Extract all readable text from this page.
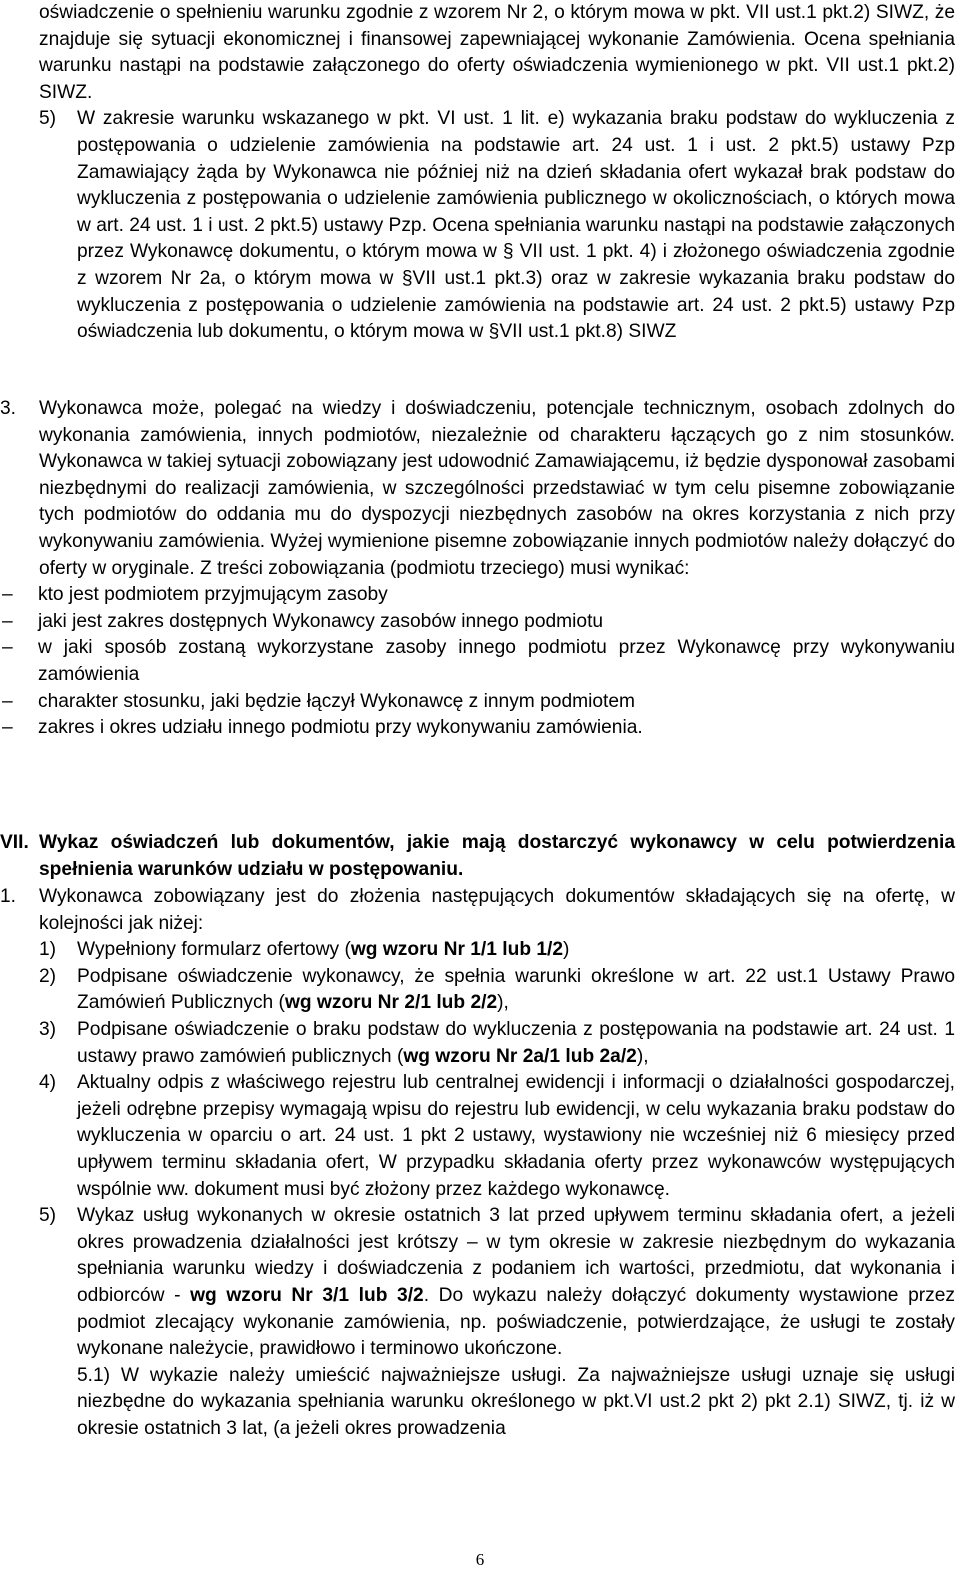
oświadczenie o spełnieniu warunku zgodnie z wzorem Nr 2, o którym mowa w pkt. VII ust.1 pkt.2) SIWZ, że znajduje się sytuacji ekonomicznej i finansowej zapewniającej wykonanie Zamówienia. Ocena spełniania warunku nastąpi na podstawie załączonego do oferty oświadczenia wymienionego w pkt. VII ust.1 pkt.2) SIWZ.

5)	W zakresie warunku wskazanego w pkt. VI ust. 1 lit. e) wykazania braku podstaw do wykluczenia z postępowania o udzielenie zamówienia na podstawie art. 24 ust. 1 i ust. 2 pkt.5) ustawy Pzp Zamawiający żąda by Wykonawca nie później niż na dzień składania ofert wykazał brak podstaw do wykluczenia z postępowania o udzielenie zamówienia publicznego w okolicznościach, o których mowa w art. 24 ust. 1 i ust. 2 pkt.5) ustawy Pzp. Ocena spełniania warunku nastąpi na podstawie załączonych przez Wykonawcę dokumentu, o którym mowa w § VII ust. 1 pkt. 4) i złożonego oświadczenia zgodnie z wzorem Nr 2a, o którym mowa w §VII ust.1 pkt.3) oraz w zakresie wykazania braku podstaw do wykluczenia z postępowania o udzielenie zamówienia na podstawie art. 24 ust. 2 pkt.5) ustawy Pzp oświadczenia lub dokumentu, o którym mowa w §VII ust.1 pkt.8) SIWZ
3.	Wykonawca może, polegać na wiedzy i doświadczeniu, potencjale technicznym, osobach zdolnych do wykonania zamówienia, innych podmiotów, niezależnie od charakteru łączących go z nim stosunków. Wykonawca w takiej sytuacji zobowiązany jest udowodnić Zamawiającemu, iż będzie dysponował zasobami niezbędnymi do realizacji zamówienia, w szczególności przedstawiać w tym celu pisemne zobowiązanie tych podmiotów do oddania mu do dyspozycji niezbędnych zasobów na okres korzystania z nich przy wykonywaniu zamówienia. Wyżej wymienione pisemne zobowiązanie innych podmiotów należy dołączyć do oferty w oryginale. Z treści zobowiązania (podmiotu trzeciego) musi wynikać:
–	kto jest podmiotem przyjmującym zasoby
–	jaki jest zakres dostępnych Wykonawcy zasobów innego podmiotu
–	w jaki sposób zostaną wykorzystane zasoby innego podmiotu przez Wykonawcę przy wykonywaniu zamówienia
–	charakter stosunku, jaki będzie łączył Wykonawcę z innym podmiotem
–	zakres i okres udziału innego podmiotu przy wykonywaniu zamówienia.
VII. Wykaz oświadczeń lub dokumentów, jakie mają dostarczyć wykonawcy w celu potwierdzenia spełnienia warunków udziału w postępowaniu.
1.	Wykonawca zobowiązany jest do złożenia następujących dokumentów składających się na ofertę, w kolejności jak niżej:
1)	Wypełniony formularz ofertowy (wg wzoru Nr 1/1 lub 1/2)
2)	Podpisane oświadczenie wykonawcy, że spełnia warunki określone w art. 22 ust.1 Ustawy Prawo Zamówień Publicznych (wg wzoru Nr 2/1 lub 2/2),
3)	Podpisane oświadczenie o braku podstaw do wykluczenia z postępowania na podstawie art. 24 ust. 1 ustawy prawo zamówień publicznych (wg wzoru Nr 2a/1 lub 2a/2),
4)	Aktualny odpis z właściwego rejestru lub centralnej ewidencji i informacji o działalności gospodarczej, jeżeli odrębne przepisy wymagają wpisu do rejestru lub ewidencji, w celu wykazania braku podstaw do wykluczenia w oparciu o art. 24 ust. 1 pkt 2 ustawy, wystawiony nie wcześniej niż 6 miesięcy przed upływem terminu składania ofert, W przypadku składania oferty przez wykonawców występujących wspólnie ww. dokument musi być złożony przez każdego wykonawcę.
5)	Wykaz usług wykonanych w okresie ostatnich 3 lat przed upływem terminu składania ofert, a jeżeli okres prowadzenia działalności jest krótszy – w tym okresie w zakresie niezbędnym do wykazania spełniania warunku wiedzy i doświadczenia z podaniem ich wartości, przedmiotu, dat wykonania i odbiorców - wg wzoru Nr 3/1 lub 3/2. Do wykazu należy dołączyć dokumenty wystawione przez podmiot zlecający wykonanie zamówienia, np. poświadczenie, potwierdzające, że usługi te zostały wykonane należycie, prawidłowo i terminowo ukończone.

5.1) W wykazie należy umieścić najważniejsze usługi. Za najważniejsze usługi uznaje się usługi niezbędne do wykazania spełniania warunku określonego w pkt.VI ust.2 pkt 2) pkt 2.1) SIWZ, tj. iż w okresie ostatnich 3 lat, (a jeżeli okres prowadzenia

6
